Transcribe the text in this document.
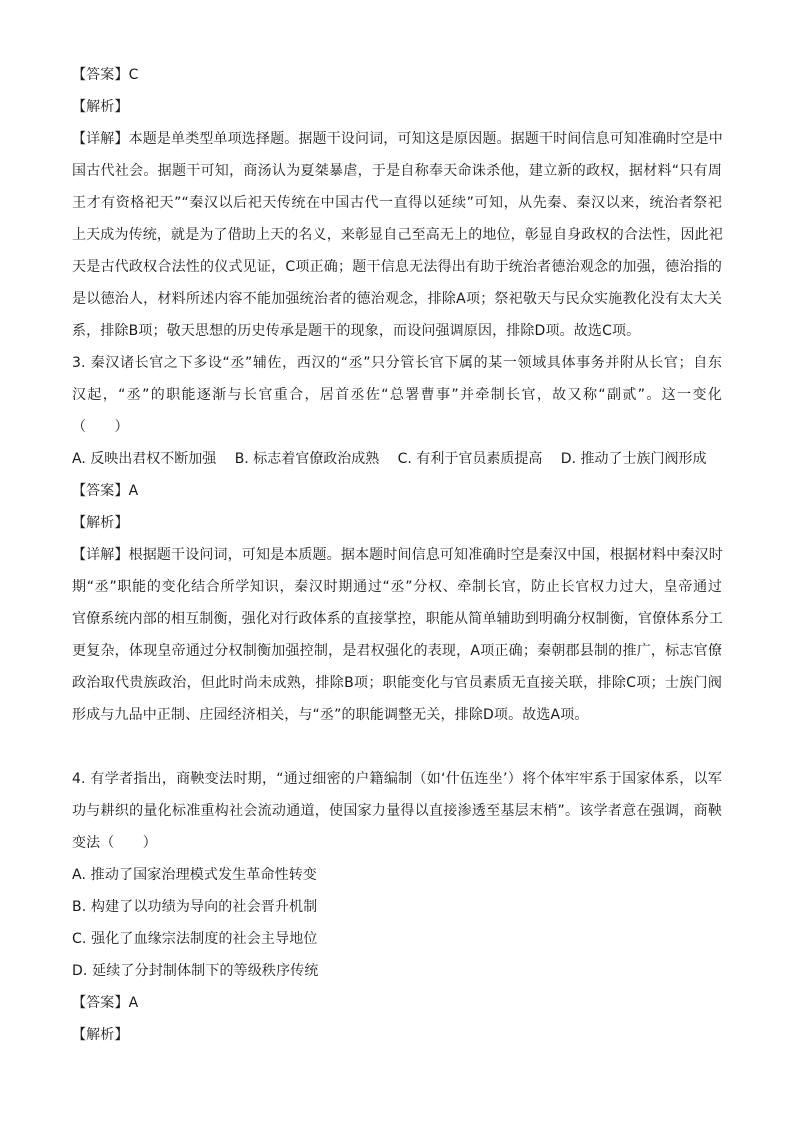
【答案】C
【解析】
【详解】本题是单类型单项选择题。据题干设问词，可知这是原因题。据题干时间信息可知准确时空是中
国古代社会。据题干可知，商汤认为夏桀暴虐，于是自称奉天命诛杀他，建立新的政权，据材料“只有周
王才有资格祀天”“秦汉以后祀天传统在中国古代一直得以延续”可知，从先秦、秦汉以来，统治者祭祀
上天成为传统，就是为了借助上天的名义，来彰显自己至高无上的地位，彰显自身政权的合法性，因此祀
天是古代政权合法性的仪式见证，C项正确；题干信息无法得出有助于统治者德治观念的加强，德治指的
是以德治人，材料所述内容不能加强统治者的德治观念，排除A项；祭祀敬天与民众实施教化没有太大关
系，排除B项；敬天思想的历史传承是题干的现象，而设问强调原因，排除D项。故选C项。
3. 秦汉诸长官之下多设“丞”辅佐，西汉的“丞”只分管长官下属的某一领域具体事务并附从长官；自东
汉起，“丞”的职能逐渐与长官重合，居首丞佐“总署曹事”并牵制长官，故又称“副贰”。这一变化
（　　）
A. 反映出君权不断加强 B. 标志着官僚政治成熟 C. 有利于官员素质提高 D. 推动了士族门阀形成
【答案】A
【解析】
【详解】根据题干设问词，可知是本质题。据本题时间信息可知准确时空是秦汉中国，根据材料中秦汉时
期“丞”职能的变化结合所学知识，秦汉时期通过“丞”分权、牵制长官，防止长官权力过大，皇帝通过
官僚系统内部的相互制衡，强化对行政体系的直接掌控，职能从简单辅助到明确分权制衡，官僚体系分工
更复杂，体现皇帝通过分权制衡加强控制，是君权强化的表现，A项正确；秦朝郡县制的推广，标志官僚
政治取代贵族政治，但此时尚未成熟，排除B项；职能变化与官员素质无直接关联，排除C项；士族门阀
形成与九品中正制、庄园经济相关，与“丞”的职能调整无关，排除D项。故选A项。
4. 有学者指出，商鞅变法时期，“通过细密的户籍编制（如‘什伍连坐’）将个体牢牢系于国家体系，以军
功与耕织的量化标准重构社会流动通道，使国家力量得以直接渗透至基层末梢”。该学者意在强调，商鞅
变法（　　）
A. 推动了国家治理模式发生革命性转变
B. 构建了以功绩为导向的社会晋升机制
C. 强化了血缘宗法制度的社会主导地位
D. 延续了分封制体制下的等级秩序传统
【答案】A
【解析】
